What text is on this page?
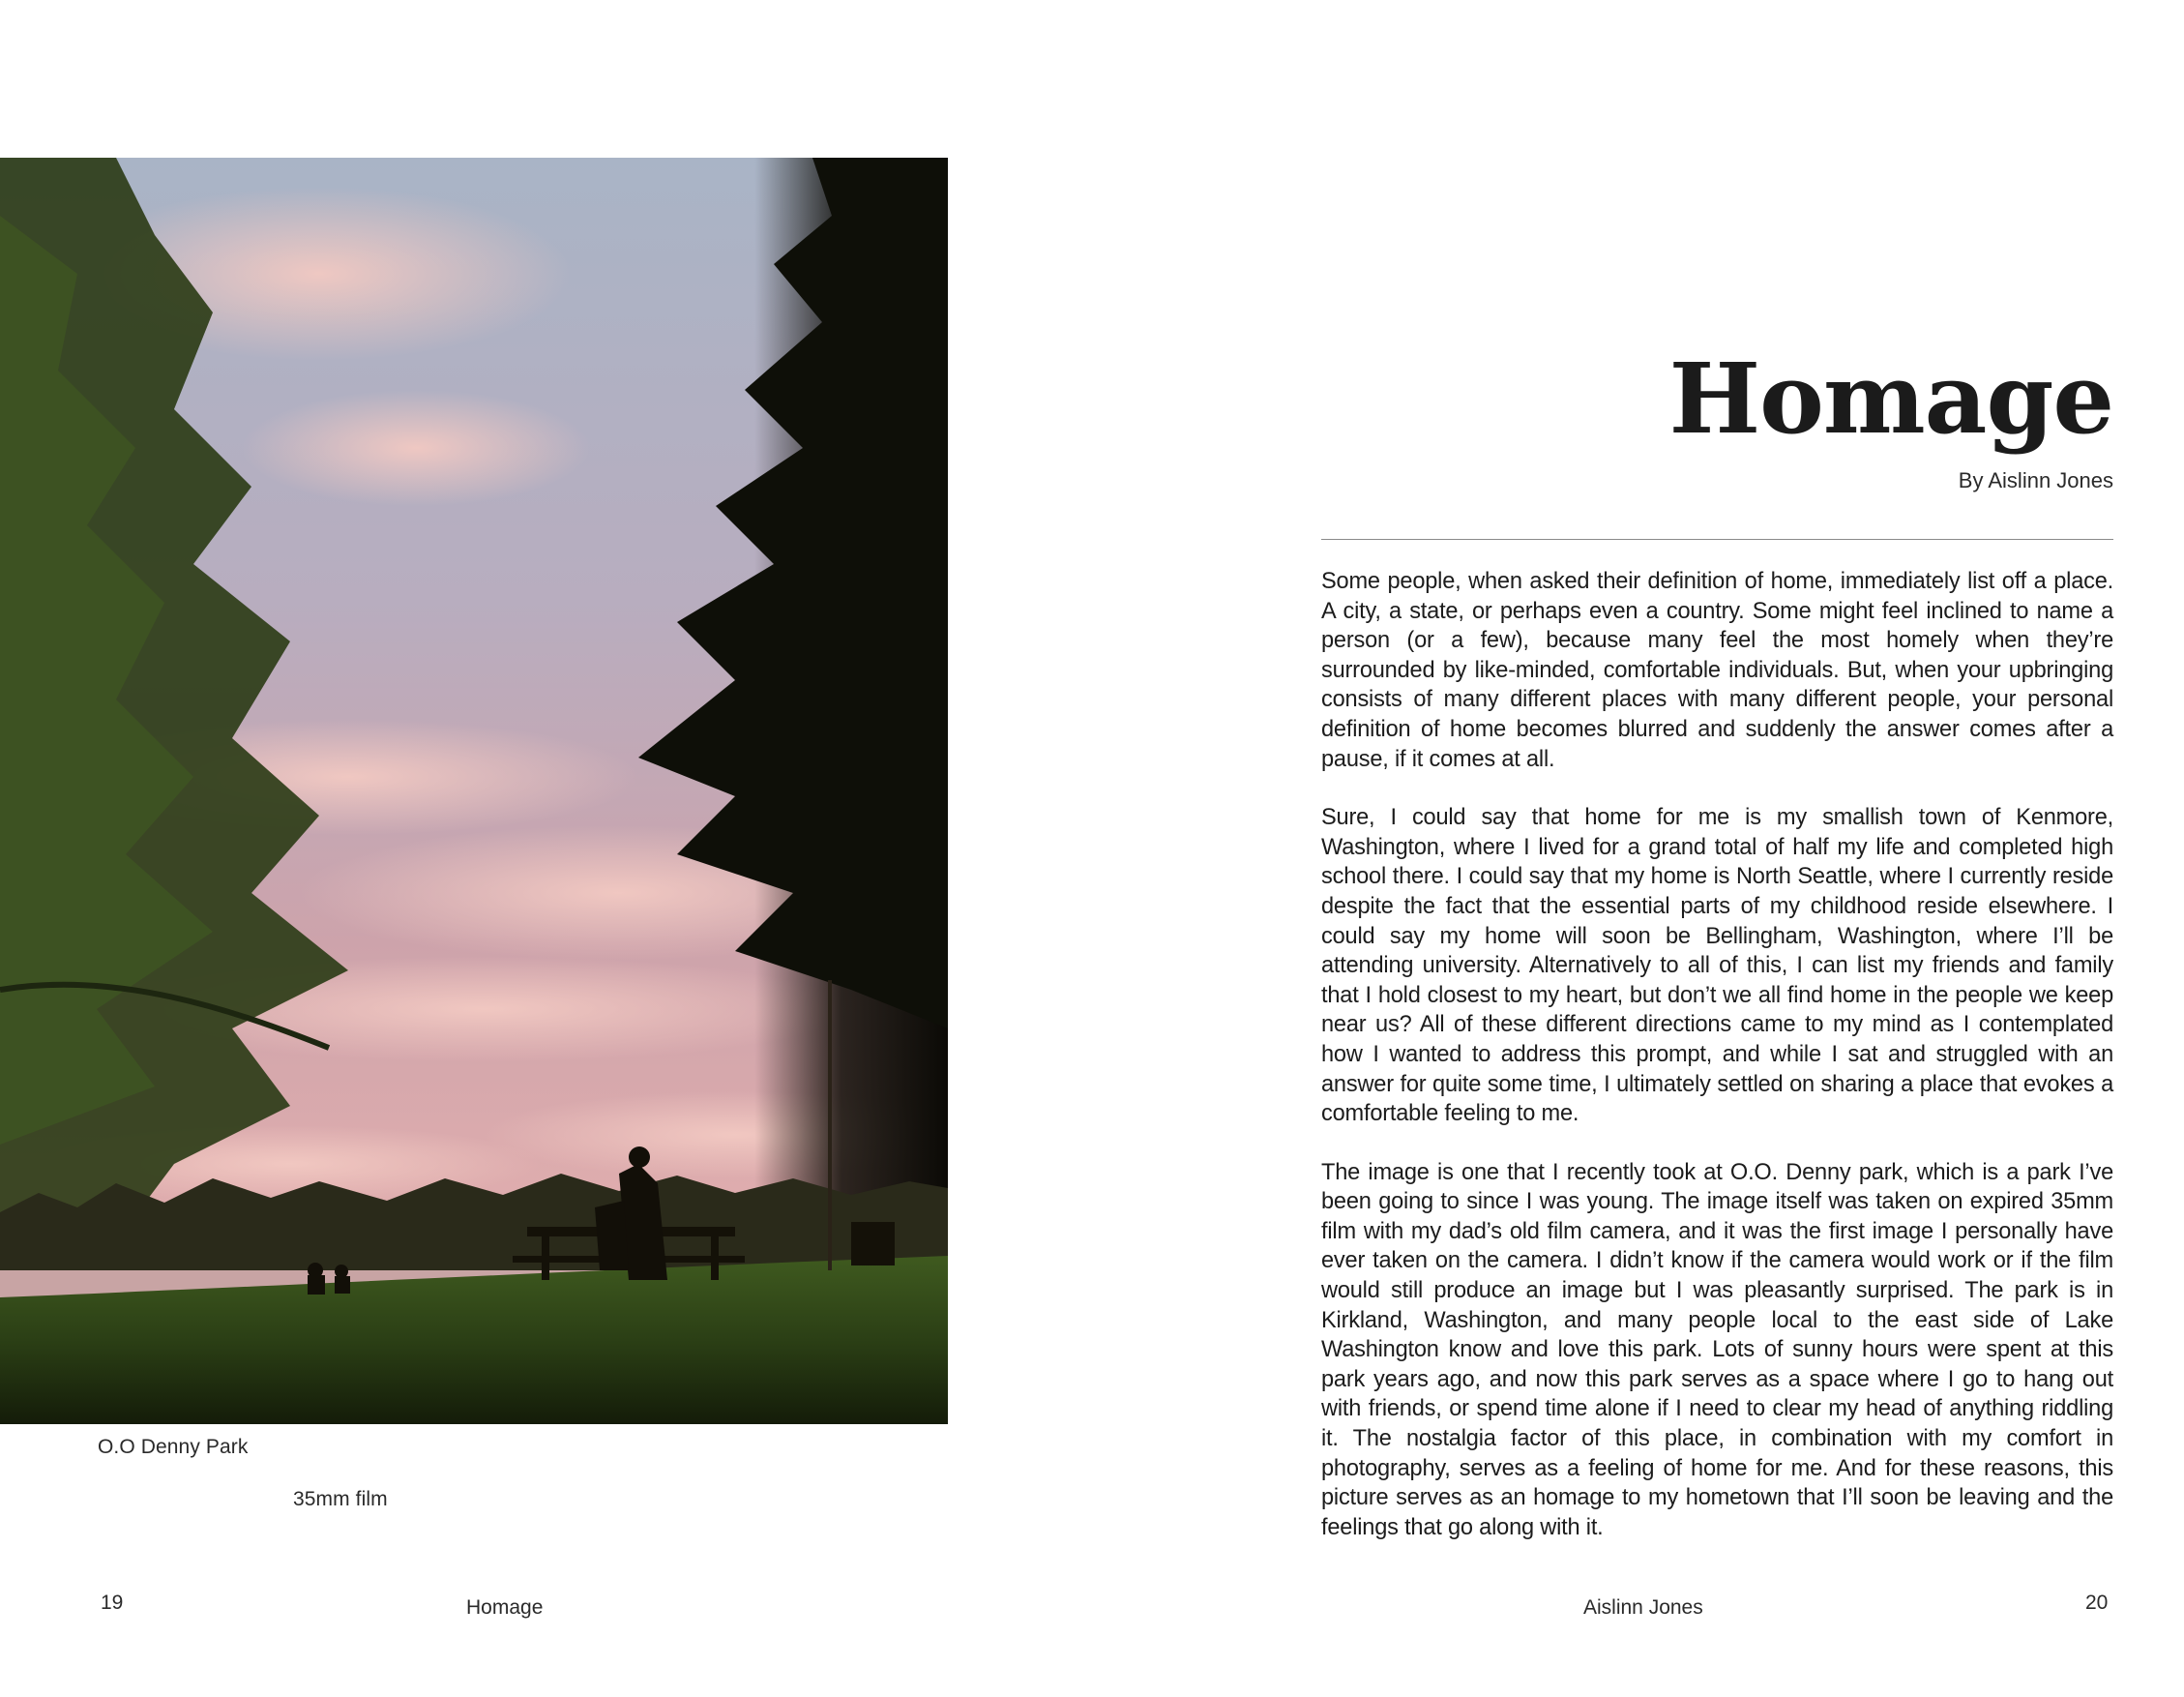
O.O Denny Park

35mm film

19	Homage
Homage

By Aislinn Jones

Some people, when asked their definition of home, immediately list off a place. A city, a state, or perhaps even a country. Some might feel inclined to name a person (or a few), because many feel the most homely when they’re surrounded by like-minded, comfortable individuals. But, when your upbringing consists of many different places with many different people, your personal definition of home becomes blurred and suddenly the answer comes after a pause, if it comes at all.

Sure, I could say that home for me is my smallish town of Kenmore, Washington, where I lived for a grand total of half my life and completed high school there. I could say that my home is North Seattle, where I currently reside despite the fact that the essential parts of my childhood reside elsewhere. I could say my home will soon be Bellingham, Washington, where I’ll be attending university. Alternatively to all of this, I can list my friends and family that I hold closest to my heart, but don’t we all find home in the people we keep near us? All of these different directions came to my mind as I contemplated how I wanted to address this prompt, and while I sat and struggled with an answer for quite some time, I ultimately settled on sharing a place that evokes a comfortable feeling to me.

The image is one that I recently took at O.O. Denny park, which is a park I’ve been going to since I was young. The image itself was taken on expired 35mm film with my dad’s old film camera, and it was the first image I personally have ever taken on the camera. I didn’t know if the camera would work or if the film would still produce an image but I was pleasantly surprised. The park is in Kirkland, Washington, and many people local to the east side of Lake Washington know and love this park. Lots of sunny hours were spent at this park years ago, and now this park serves as a space where I go to hang out with friends, or spend time alone if I need to clear my head of anything riddling it. The nostalgia factor of this place, in combination with my comfort in photography, serves as a feeling of home for me. And for these reasons, this picture serves as an homage to my hometown that I’ll soon be leaving and the feelings that go along with it.

Aislinn Jones	20
